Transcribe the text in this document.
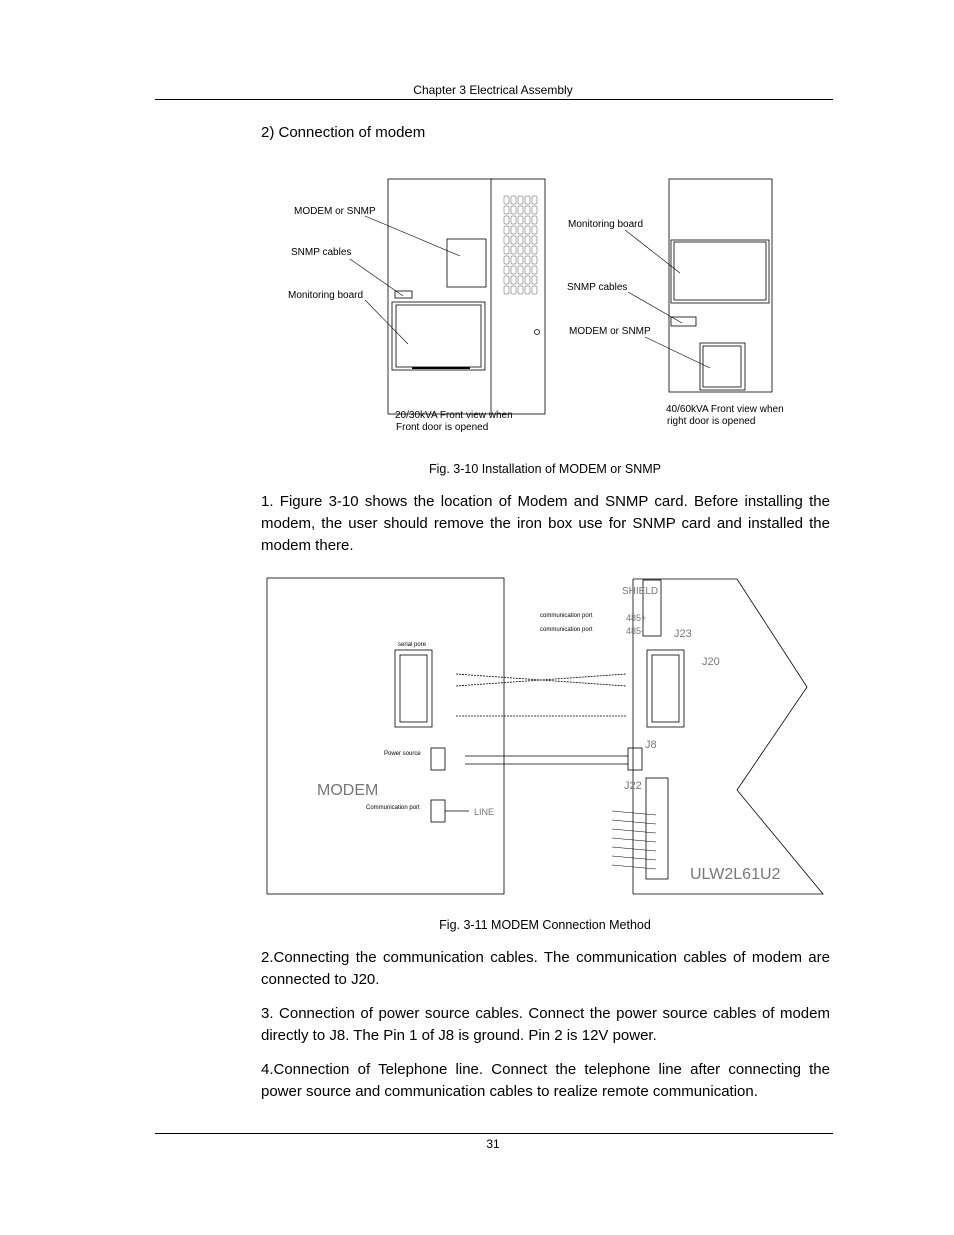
Chapter 3 Electrical Assembly
2) Connection of modem
MODEM or SNMP
SNMP cables
Monitoring board
Monitoring board
SNMP cables
MODEM or SNMP
20/30kVA Front view when
Front door is opened
40/60kVA Front view when
right door is opened
Fig. 3-10 Installation of MODEM or SNMP
1. Figure 3-10 shows the location of Modem and SNMP card. Before installing the modem, the user should remove the iron box use for SNMP card and installed the modem there.
MODEM
LINE
SHIELD
J23
J20
J8
J22
ULW2L61U2
485+
485-
communication port
communication port
serial pore
Power source
Communication port
Fig. 3-11 MODEM Connection Method
2.Connecting the communication cables. The communication cables of modem are connected to J20.
3. Connection of power source cables. Connect the power source cables of modem directly to J8. The Pin 1 of J8 is ground. Pin 2 is 12V power.
4.Connection of Telephone line. Connect the telephone line after connecting the power source and communication cables to realize remote communication.
31
